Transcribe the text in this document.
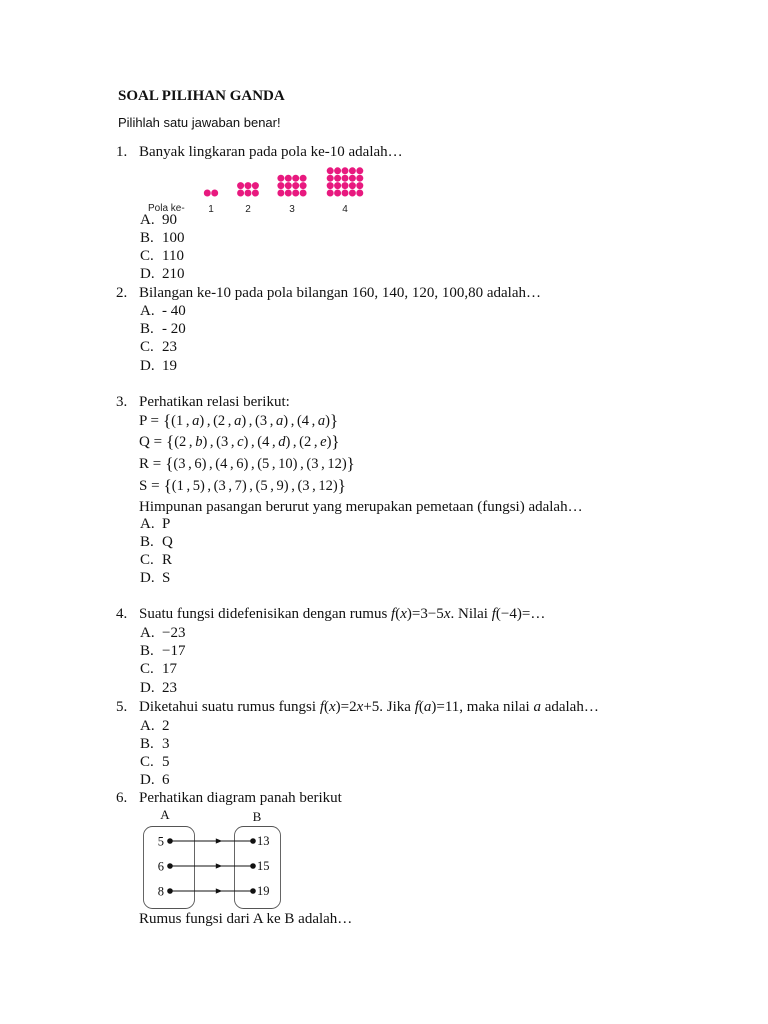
SOAL PILIHAN GANDA
Pilihlah satu jawaban benar!
1. Banyak lingkaran pada pola ke-10 adalah…
Pola ke- 1	2	3	4
A. 90
B. 100
C. 110
D. 210
2. Bilangan ke-10 pada pola bilangan 160, 140, 120, 100,80 adalah…
A. - 40
B. - 20
C. 23
D. 19
3. Perhatikan relasi berikut:
P = {(1 , a) , (2 , a) , (3 , a) , (4 , a)}
Q = {(2 , b) , (3 , c) , (4 , d) , (2 , e)}
R = {(3 , 6) , (4 , 6) , (5 , 10) , (3 , 12)}
S = {(1 , 5) , (3 , 7) , (5 , 9) , (3 , 12)}
Himpunan pasangan berurut yang merupakan pemetaan (fungsi) adalah…
A. P
B. Q
C. R
D. S
4. Suatu fungsi didefenisikan dengan rumus f(x)=3−5x. Nilai f(−4)=…
A. −23
B. −17
C. 17
D. 23
5. Diketahui suatu rumus fungsi f(x)=2x+5. Jika f(a)=11, maka nilai a adalah…
A. 2
B. 3
C. 5
D. 6
6. Perhatikan diagram panah berikut
A	B
5
6
8
13
15
19
Rumus fungsi dari A ke B adalah…
